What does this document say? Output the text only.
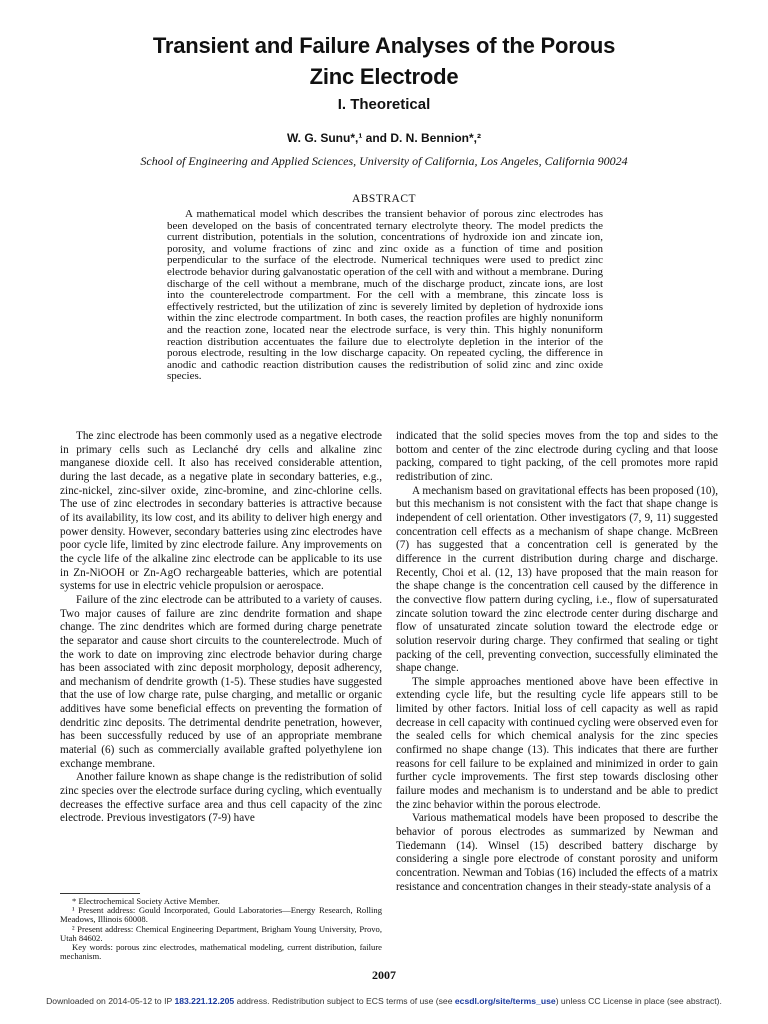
Transient and Failure Analyses of the Porous
Zinc Electrode
I. Theoretical
W. G. Sunu*,¹ and D. N. Bennion*,²
School of Engineering and Applied Sciences, University of California, Los Angeles, California 90024
ABSTRACT

A mathematical model which describes the transient behavior of porous zinc electrodes has been developed on the basis of concentrated ternary electrolyte theory. The model predicts the current distribution, potentials in the solution, concentrations of hydroxide ion and zincate ion, porosity, and volume fractions of zinc and zinc oxide as a function of time and position perpendicular to the surface of the electrode. Numerical techniques were used to predict zinc electrode behavior during galvanostatic operation of the cell with and without a membrane. During discharge of the cell without a membrane, much of the discharge product, zincate ions, are lost into the counterelectrode compartment. For the cell with a membrane, this zincate loss is effectively restricted, but the utilization of zinc is severely limited by depletion of hydroxide ions within the zinc electrode compartment. In both cases, the reaction profiles are highly nonuniform and the reaction zone, located near the electrode surface, is very thin. This highly nonuniform reaction distribution accentuates the failure due to electrolyte depletion in the interior of the porous electrode, resulting in the low discharge capacity. On repeated cycling, the difference in anodic and cathodic reaction distribution causes the redistribution of solid zinc and zinc oxide species.

The zinc electrode has been commonly used as a negative electrode in primary cells such as Leclanché dry cells and alkaline zinc manganese dioxide cell. It also has received considerable attention, during the last decade, as a negative plate in secondary batteries, e.g., zinc-nickel, zinc-silver oxide, zinc-bromine, and zinc-chlorine cells. The use of zinc electrodes in secondary batteries is attractive because of its availability, its low cost, and its ability to deliver high energy and power density. However, secondary batteries using zinc electrodes have poor cycle life, limited by zinc electrode failure. Any improvements on the cycle life of the alkaline zinc electrode can be applicable to its use in Zn-NiOOH or Zn-AgO rechargeable batteries, which are potential systems for use in electric vehicle propulsion or aerospace.

Failure of the zinc electrode can be attributed to a variety of causes. Two major causes of failure are zinc dendrite formation and shape change. The zinc dendrites which are formed during charge penetrate the separator and cause short circuits to the counterelectrode. Much of the work to date on improving zinc electrode behavior during charge has been associated with zinc deposit morphology, deposit adherency, and mechanism of dendrite growth (1-5). These studies have suggested that the use of low charge rate, pulse charging, and metallic or organic additives have some beneficial effects on preventing the formation of dendritic zinc deposits. The detrimental dendrite penetration, however, has been successfully reduced by use of an appropriate membrane material (6) such as commercially available grafted polyethylene ion exchange membrane.

Another failure known as shape change is the redistribution of solid zinc species over the electrode surface during cycling, which eventually decreases the effective surface area and thus cell capacity of the zinc electrode. Previous investigators (7-9) have

indicated that the solid species moves from the top and sides to the bottom and center of the zinc electrode during cycling and that loose packing, compared to tight packing, of the cell promotes more rapid redistribution of zinc.

A mechanism based on gravitational effects has been proposed (10), but this mechanism is not consistent with the fact that shape change is independent of cell orientation. Other investigators (7, 9, 11) suggested concentration cell effects as a mechanism of shape change. McBreen (7) has suggested that a concentration cell is generated by the difference in the current distribution during charge and discharge. Recently, Choi et al. (12, 13) have proposed that the main reason for the shape change is the concentration cell caused by the difference in the convective flow pattern during cycling, i.e., flow of supersaturated zincate solution toward the zinc electrode center during discharge and flow of unsaturated zincate solution toward the electrode edge or solution reservoir during charge. They confirmed that sealing or tight packing of the cell, preventing convection, successfully eliminated the shape change.

The simple approaches mentioned above have been effective in extending cycle life, but the resulting cycle life appears still to be limited by other factors. Initial loss of cell capacity as well as rapid decrease in cell capacity with continued cycling were observed even for the sealed cells for which chemical analysis for the zinc species confirmed no shape change (13). This indicates that there are further reasons for cell failure to be explained and minimized in order to gain further cycle improvements. The first step towards disclosing other failure modes and mechanism is to understand and be able to predict the zinc behavior within the porous electrode.

Various mathematical models have been proposed to describe the behavior of porous electrodes as summarized by Newman and Tiedemann (14). Winsel (15) described battery discharge by considering a single pore electrode of constant porosity and uniform concentration. Newman and Tobias (16) included the effects of a matrix resistance and concentration changes in their steady-state analysis of a

* Electrochemical Society Active Member.
¹ Present address: Gould Incorporated, Gould Laboratories—Energy Research, Rolling Meadows, Illinois 60008.
² Present address: Chemical Engineering Department, Brigham Young University, Provo, Utah 84602.
Key words: porous zinc electrodes, mathematical modeling, current distribution, failure mechanism.
2007
Downloaded on 2014-05-12 to IP 183.221.12.205 address. Redistribution subject to ECS terms of use (see ecsdl.org/site/terms_use) unless CC License in place (see abstract).
